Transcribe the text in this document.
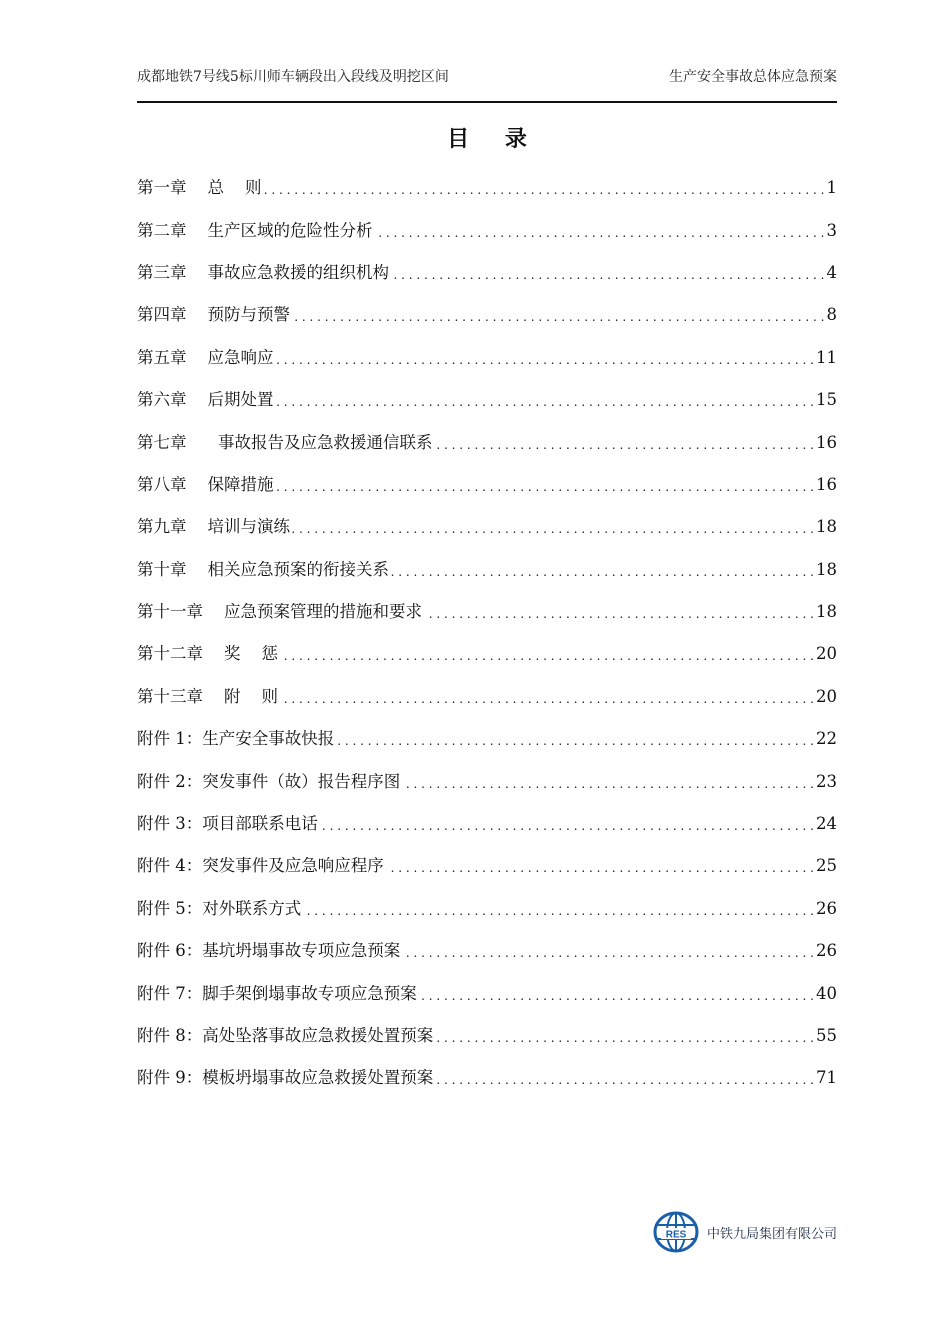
成都地铁7号线5标川师车辆段出入段线及明挖区间	生产安全事故总体应急预案
目 录
第一章    总    则 . . .	1
第二章    生产区域的危险性分析 . . .	3
第三章    事故应急救援的组织机构 . . .	4
第四章    预防与预警 . . .	8
第五章    应急响应 . . .	11
第六章    后期处置 . . .	15
第七章      事故报告及应急救援通信联系 . . .	16
第八章    保障措施 . . .	16
第九章    培训与演练 . . .	18
第十章    相关应急预案的衔接关系 . . .	18
第十一章    应急预案管理的措施和要求 . . .	18
第十二章    奖    惩 . . .	20
第十三章    附    则 . . .	20
附件 1：生产安全事故快报 . . .	22
附件 2：突发事件（故）报告程序图 . . .	23
附件 3：项目部联系电话 . . .	24
附件 4：突发事件及应急响应程序 . . .	25
附件 5：对外联系方式 . . .	26
附件 6：基坑坍塌事故专项应急预案 . . .	26
附件 7：脚手架倒塌事故专项应急预案 . . .	40
附件 8：高处坠落事故应急救援处置预案 . . .	55
附件 9：模板坍塌事故应急救援处置预案 . . .	71
RES 中铁九局集团有限公司
